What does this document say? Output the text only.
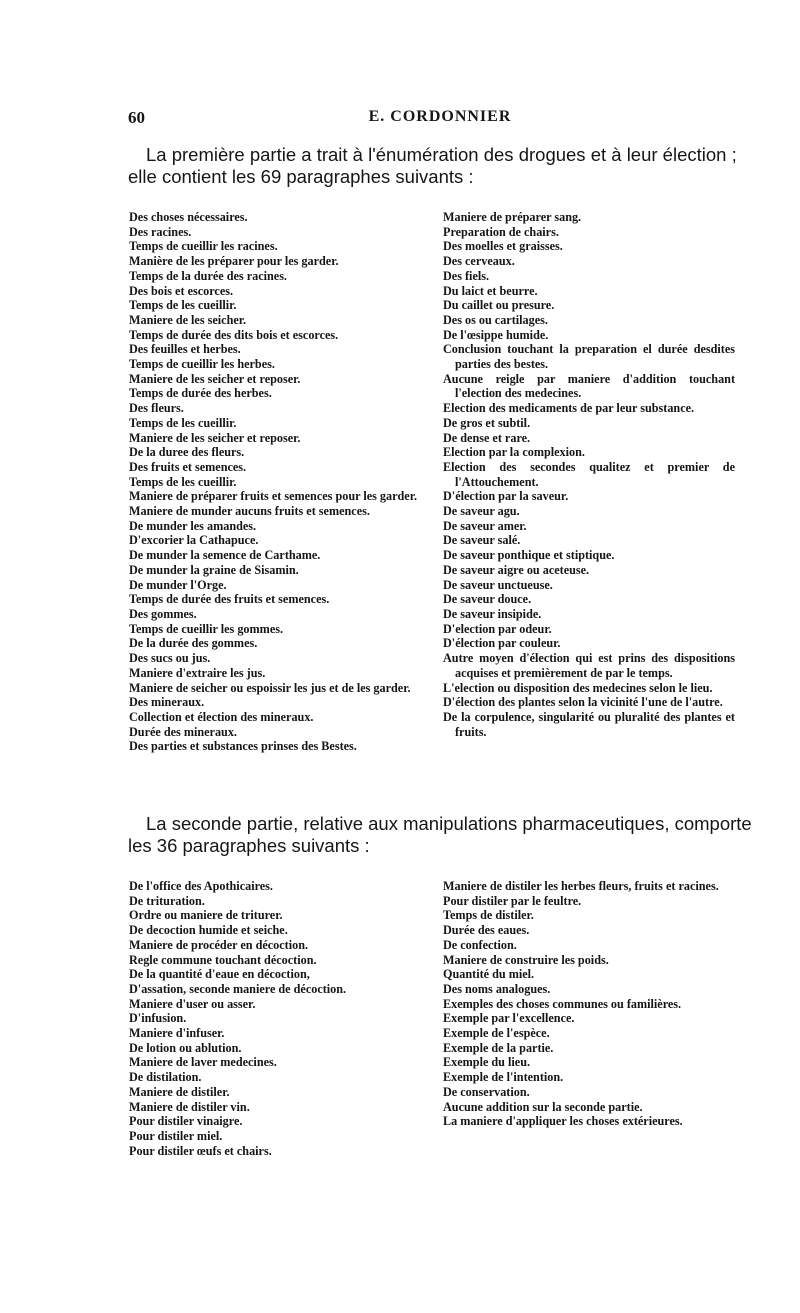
60	E. CORDONNIER

La première partie a trait à l'énumération des drogues et à leur élection ; elle contient les 69 paragraphes suivants :

Des choses nécessaires.
Des racines.
Temps de cueillir les racines.
Manière de les préparer pour les garder.
Temps de la durée des racines.
Des bois et escorces.
Temps de les cueillir.
Maniere de les seicher.
Temps de durée des dits bois et escorces.
Des feuilles et herbes.
Temps de cueillir les herbes.
Maniere de les seicher et reposer.
Temps de durée des herbes.
Des fleurs.
Temps de les cueillir.
Maniere de les seicher et reposer.
De la duree des fleurs.
Des fruits et semences.
Temps de les cueillir.
Maniere de préparer fruits et semences pour les garder.
Maniere de munder aucuns fruits et semences.
De munder les amandes.
D'excorier la Cathapuce.
De munder la semence de Carthame.
De munder la graine de Sisamin.
De munder l'Orge.
Temps de durée des fruits et semences.
Des gommes.
Temps de cueillir les gommes.
De la durée des gommes.
Des sucs ou jus.
Maniere d'extraire les jus.
Maniere de seicher ou espoissir les jus et de les garder.
Des mineraux.
Collection et élection des mineraux.
Durée des mineraux.
Des parties et substances prinses des Bestes.
Maniere de préparer sang.
Preparation de chairs.
Des moelles et graisses.
Des cerveaux.
Des fiels.
Du laict et beurre.
Du caillet ou presure.
Des os ou cartilages.
De l'œsippe humide.
Conclusion touchant la preparation el durée desdites parties des bestes.
Aucune reigle par maniere d'addition touchant l'election des medecines.
Election des medicaments de par leur substance.
De gros et subtil.
De dense et rare.
Election par la complexion.
Election des secondes qualitez et premier de l'Attouchement.
D'élection par la saveur.
De saveur agu.
De saveur amer.
De saveur salé.
De saveur ponthique et stiptique.
De saveur aigre ou aceteuse.
De saveur unctueuse.
De saveur douce.
De saveur insipide.
D'election par odeur.
D'élection par couleur.
Autre moyen d'élection qui est prins des dispositions acquises et premièrement de par le temps.
L'election ou disposition des medecines selon le lieu.
D'élection des plantes selon la vicinité l'une de l'autre.
De la corpulence, singularité ou pluralité des plantes et fruits.

La seconde partie, relative aux manipulations pharmaceutiques, comporte les 36 paragraphes suivants :

De l'office des Apothicaires.
De trituration.
Ordre ou maniere de triturer.
De decoction humide et seiche.
Maniere de procéder en décoction.
Regle commune touchant décoction.
De la quantité d'eaue en décoction,
D'assation, seconde maniere de décoction.
Maniere d'user ou asser.
D'infusion.
Maniere d'infuser.
De lotion ou ablution.
Maniere de laver medecines.
De distilation.
Maniere de distiler.
Maniere de distiler vin.
Pour distiler vinaigre.
Pour distiler miel.
Pour distiler œufs et chairs.
Maniere de distiler les herbes fleurs, fruits et racines.
Pour distiler par le feultre.
Temps de distiler.
Durée des eaues.
De confection.
Maniere de construire les poids.
Quantité du miel.
Des noms analogues.
Exemples des choses communes ou familières.
Exemple par l'excellence.
Exemple de l'espèce.
Exemple de la partie.
Exemple du lieu.
Exemple de l'intention.
De conservation.
Aucune addition sur la seconde partie.
La maniere d'appliquer les choses extérieures.
